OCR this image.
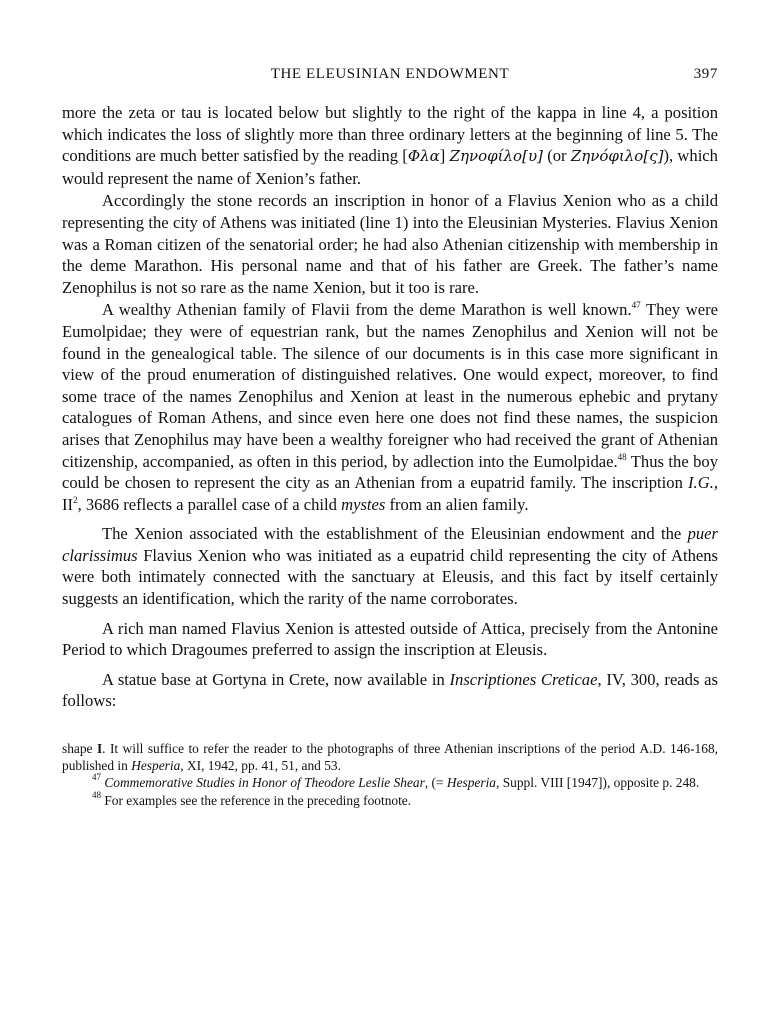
THE ELEUSINIAN ENDOWMENT	397

more the zeta or tau is located below but slightly to the right of the kappa in line 4, a position which indicates the loss of slightly more than three ordinary letters at the beginning of line 5. The conditions are much better satisfied by the reading [Φλα] Ζηνοφίλο[υ] (or Ζηνόφιλο[ς]), which would represent the name of Xenion’s father.

Accordingly the stone records an inscription in honor of a Flavius Xenion who as a child representing the city of Athens was initiated (line 1) into the Eleusinian Mysteries. Flavius Xenion was a Roman citizen of the senatorial order; he had also Athenian citizenship with membership in the deme Marathon. His personal name and that of his father are Greek. The father’s name Zenophilus is not so rare as the name Xenion, but it too is rare.

A wealthy Athenian family of Flavii from the deme Marathon is well known.$^{47}$ They were Eumolpidae; they were of equestrian rank, but the names Zenophilus and Xenion will not be found in the genealogical table. The silence of our documents is in this case more significant in view of the proud enumeration of distinguished relatives. One would expect, moreover, to find some trace of the names Zenophilus and Xenion at least in the numerous ephebic and prytany catalogues of Roman Athens, and since even here one does not find these names, the suspicion arises that Zenophilus may have been a wealthy foreigner who had received the grant of Athenian citizenship, accompanied, as often in this period, by adlection into the Eumolpidae.$^{48}$ Thus the boy could be chosen to represent the city as an Athenian from a eupatrid family. The inscription I.G., $II^2$, 3686 reflects a parallel case of a child mystes from an alien family.

The Xenion associated with the establishment of the Eleusinian endowment and the puer clarissimus Flavius Xenion who was initiated as a eupatrid child representing the city of Athens were both intimately connected with the sanctuary at Eleusis, and this fact by itself certainly suggests an identification, which the rarity of the name corroborates.

A rich man named Flavius Xenion is attested outside of Attica, precisely from the Antonine Period to which Dragoumes preferred to assign the inscription at Eleusis.

A statue base at Gortyna in Crete, now available in Inscriptiones Creticae, IV, 300, reads as follows:

shape I. It will suffice to refer the reader to the photographs of three Athenian inscriptions of the period A.D. 146-168, published in Hesperia, XI, 1942, pp. 41, 51, and 53.

$^{47}$ Commemorative Studies in Honor of Theodore Leslie Shear, (= Hesperia, Suppl. VIII [1947]), opposite p. 248.

$^{48}$ For examples see the reference in the preceding footnote.
